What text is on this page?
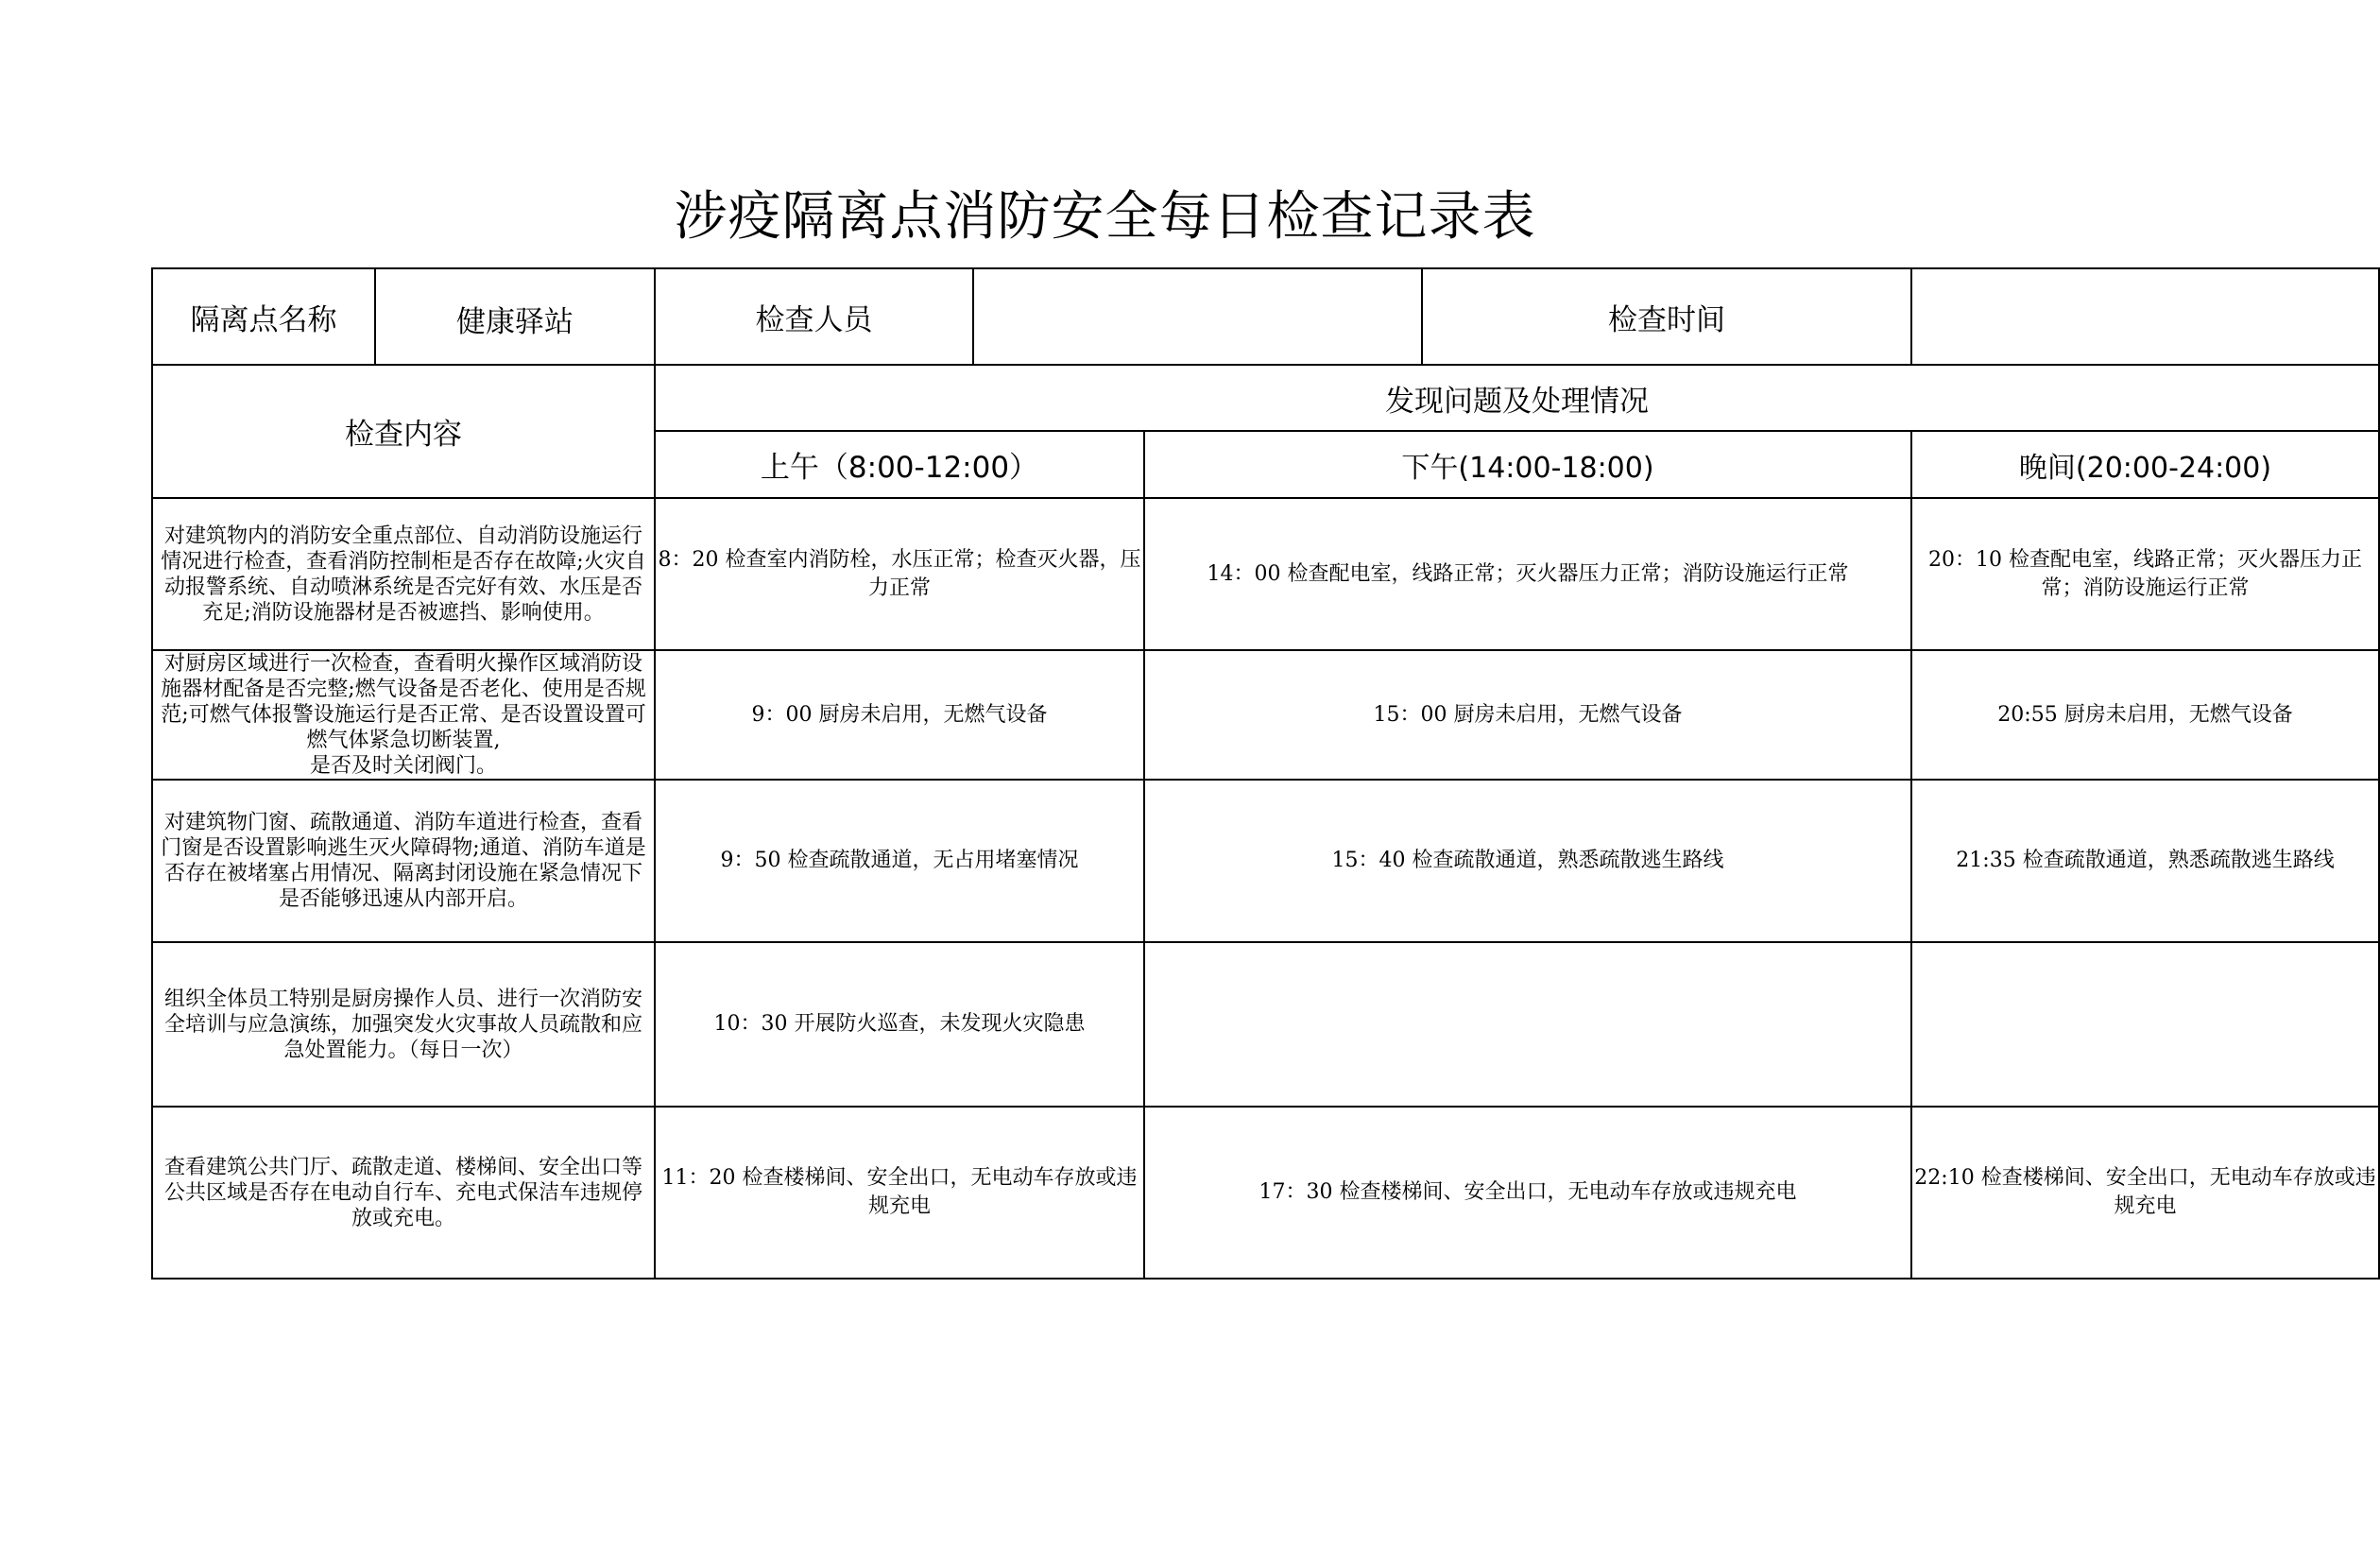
涉疫隔离点消防安全每日检查记录表
隔离点名称	健康驿站	检查人员			检查时间	
检查内容		发现问题及处理情况				
		上午（8:00-12:00）		下午(14:00-18:00)		晚间(20:00-24:00)
对建筑物内的消防安全重点部位、自动消防设施运行情况进行检查，查看消防控制柜是否存在故障;火灾自动报警系统、自动喷淋系统是否完好有效、水压是否充足;消防设施器材是否被遮挡、影响使用。		8：20 检查室内消防栓，水压正常；检查灭火器，压力正常		14：00 检查配电室，线路正常；灭火器压力正常；消防设施运行正常		20：10 检查配电室，线路正常；灭火器压力正常；消防设施运行正常
对厨房区域进行一次检查，查看明火操作区域消防设施器材配备是否完整;燃气设备是否老化、使用是否规范;可燃气体报警设施运行是否正常、是否设置设置可燃气体紧急切断装置,
是否及时关闭阀门。		9：00 厨房未启用，无燃气设备		15：00 厨房未启用，无燃气设备		20:55 厨房未启用，无燃气设备
对建筑物门窗、疏散通道、消防车道进行检查，查看门窗是否设置影响逃生灭火障碍物;通道、消防车道是否存在被堵塞占用情况、隔离封闭设施在紧急情况下是否能够迅速从内部开启。		9：50 检查疏散通道，无占用堵塞情况		15：40 检查疏散通道，熟悉疏散逃生路线		21:35 检查疏散通道，熟悉疏散逃生路线
组织全体员工特别是厨房操作人员、进行一次消防安全培训与应急演练，加强突发火灾事故人员疏散和应急处置能力。（每日一次）		10：30 开展防火巡查，未发现火灾隐患				
查看建筑公共门厅、疏散走道、楼梯间、安全出口等公共区域是否存在电动自行车、充电式保洁车违规停放或充电。		11：20 检查楼梯间、安全出口，无电动车存放或违规充电		17：30 检查楼梯间、安全出口，无电动车存放或违规充电		22:10 检查楼梯间、安全出口，无电动车存放或违规充电
